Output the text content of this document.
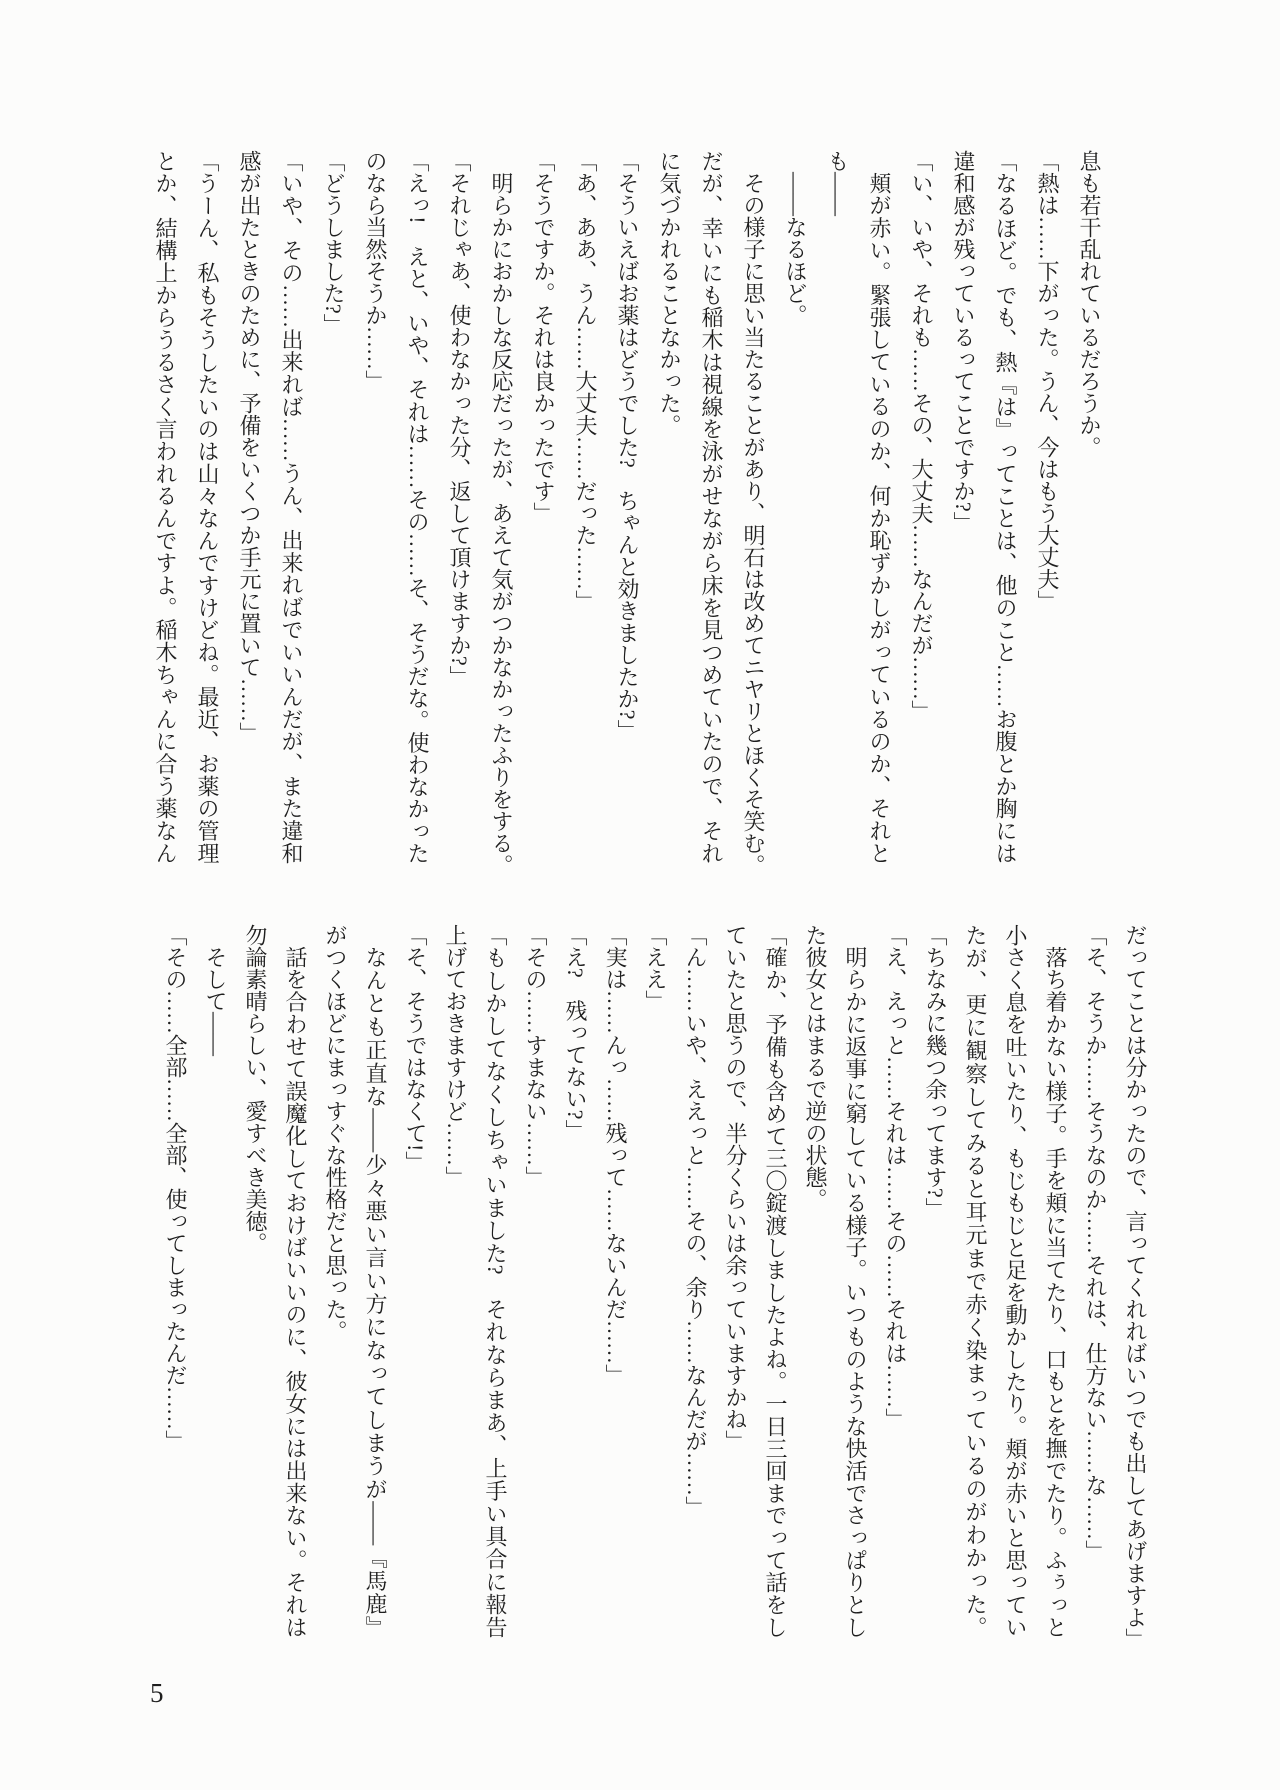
息も若干乱れているだろうか。
「熱は……下がった。うん、今はもう大丈夫」
「なるほど。でも、熱『は』ってことは、他のこと……お腹とか胸には
違和感が残っているってことですか?」
「い、いや、それも……その、大丈夫……なんだが……」
頬が赤い。緊張しているのか、何か恥ずかしがっているのか、それと
も――
――なるほど。
その様子に思い当たることがあり、明石は改めてニヤリとほくそ笑む。
だが、幸いにも稲木は視線を泳がせながら床を見つめていたので、それ
に気づかれることなかった。
「そういえばお薬はどうでした?　ちゃんと効きましたか?」
「あ、ああ、うん……大丈夫……だった……」
「そうですか。それは良かったです」
明らかにおかしな反応だったが、あえて気がつかなかったふりをする。
「それじゃあ、使わなかった分、返して頂けますか?」
「えっ!　えと、いや、それは……その……そ、そうだな。使わなかった
のなら当然そうか……」
「どうしました?」
「いや、その……出来れば……うん、出来ればでいいんだが、また違和
感が出たときのために、予備をいくつか手元に置いて……」
「うーん、私もそうしたいのは山々なんですけどね。最近、お薬の管理
とか、結構上からうるさく言われるんですよ。稲木ちゃんに合う薬なん
だってことは分かったので、言ってくれればいつでも出してあげますよ」
「そ、そうか……そうなのか……それは、仕方ない……な……」
落ち着かない様子。手を頬に当てたり、口もとを撫でたり。ふぅっと
小さく息を吐いたり、もじもじと足を動かしたり。頬が赤いと思ってい
たが、更に観察してみると耳元まで赤く染まっているのがわかった。
「ちなみに幾つ余ってます?」
「え、えっと……それは……その……それは……」
明らかに返事に窮している様子。いつものような快活でさっぱりとし
た彼女とはまるで逆の状態。
「確か、予備も含めて三〇錠渡しましたよね。一日三回までって話をし
ていたと思うので、半分くらいは余っていますかね」
「ん……いや、ええっと……その、余り……なんだが……」
「ええ」
「実は……んっ……残って……ないんだ……」
「え?　残ってない?」
「その……すまない……」
「もしかしてなくしちゃいました?　それならまあ、上手い具合に報告
上げておきますけど……」
「そ、そうではなくて!」
なんとも正直な――少々悪い言い方になってしまうが――『馬鹿』
がつくほどにまっすぐな性格だと思った。
話を合わせて誤魔化しておけばいいのに、彼女には出来ない。それは
勿論素晴らしい、愛すべき美徳。
そして――
「その……全部……全部、使ってしまったんだ……」
5
